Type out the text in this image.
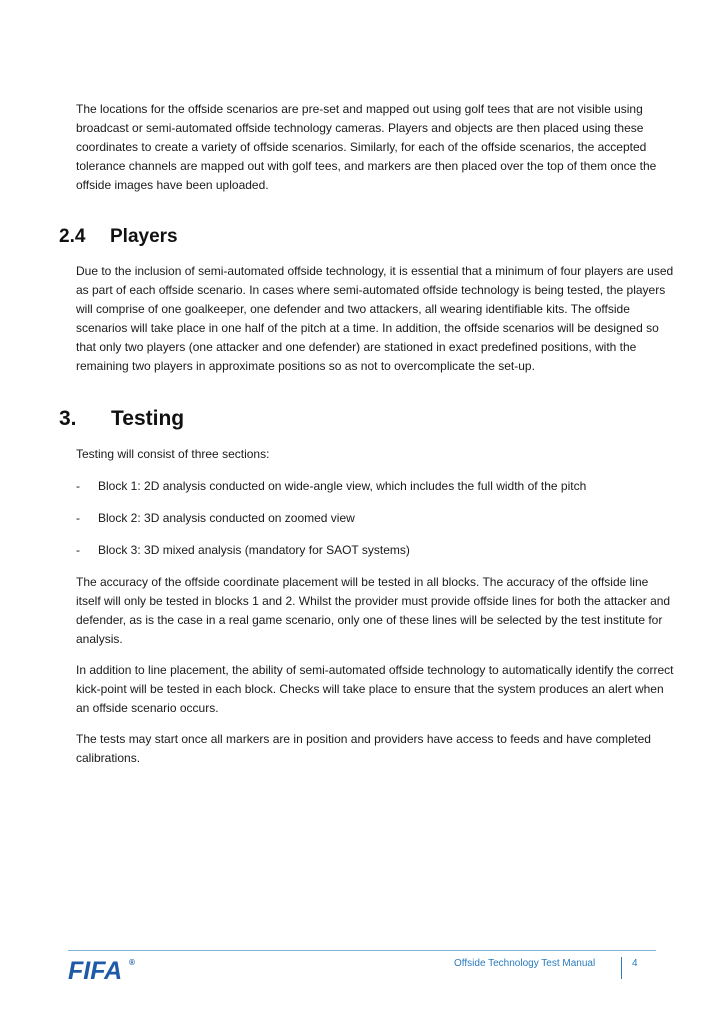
The locations for the offside scenarios are pre-set and mapped out using golf tees that are not visible using broadcast or semi-automated offside technology cameras. Players and objects are then placed using these coordinates to create a variety of offside scenarios. Similarly, for each of the offside scenarios, the accepted tolerance channels are mapped out with golf tees, and markers are then placed over the top of them once the offside images have been uploaded.

2.4	Players

Due to the inclusion of semi-automated offside technology, it is essential that a minimum of four players are used as part of each offside scenario. In cases where semi-automated offside technology is being tested, the players will comprise of one goalkeeper, one defender and two attackers, all wearing identifiable kits. The offside scenarios will take place in one half of the pitch at a time. In addition, the offside scenarios will be designed so that only two players (one attacker and one defender) are stationed in exact predefined positions, with the remaining two players in approximate positions so as not to overcomplicate the set-up.

3.	Testing

Testing will consist of three sections:

-	Block 1: 2D analysis conducted on wide-angle view, which includes the full width of the pitch
-	Block 2: 3D analysis conducted on zoomed view
-	Block 3: 3D mixed analysis (mandatory for SAOT systems)

The accuracy of the offside coordinate placement will be tested in all blocks. The accuracy of the offside line itself will only be tested in blocks 1 and 2. Whilst the provider must provide offside lines for both the attacker and defender, as is the case in a real game scenario, only one of these lines will be selected by the test institute for analysis.

In addition to line placement, the ability of semi-automated offside technology to automatically identify the correct kick-point will be tested in each block. Checks will take place to ensure that the system produces an alert when an offside scenario occurs.

The tests may start once all markers are in position and providers have access to feeds and have completed calibrations.

FIFA ®	Offside Technology Test Manual	4
